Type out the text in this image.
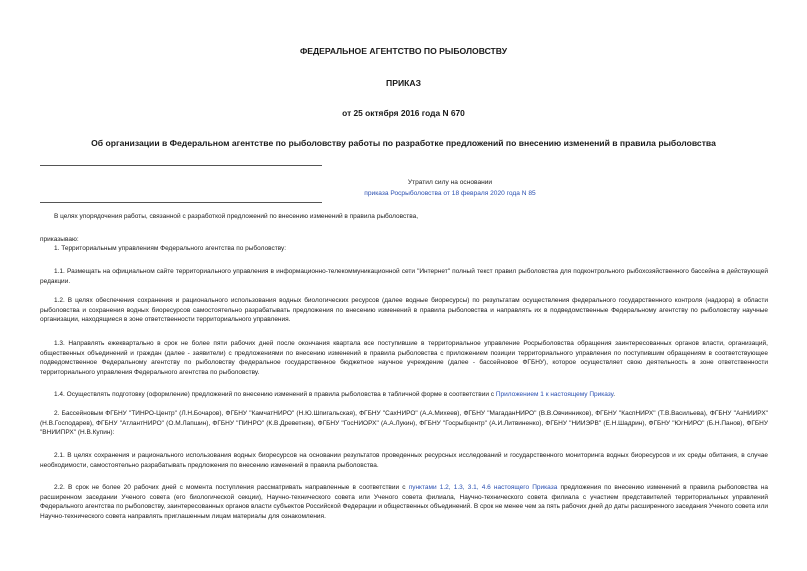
ФЕДЕРАЛЬНОЕ АГЕНТСТВО ПО РЫБОЛОВСТВУ
ПРИКАЗ
от 25 октября 2016 года N 670
Об организации в Федеральном агентстве по рыболовству работы по разработке предложений по внесению изменений в правила рыболовства
Утратил силу на основании
приказа Росрыболовства от 18 февраля 2020 года N 85
В целях упорядочения работы, связанной с разработкой предложений по внесению изменений в правила рыболовства,
приказываю:
1. Территориальным управлениям Федерального агентства по рыболовству:
1.1. Размещать на официальном сайте территориального управления в информационно-телекоммуникационной сети "Интернет" полный текст правил рыболовства для подконтрольного рыбохозяйственного бассейна в действующей редакции.
1.2. В целях обеспечения сохранения и рационального использования водных биологических ресурсов (далее водные биоресурсы) по результатам осуществления федерального государственного контроля (надзора) в области рыболовства и сохранения водных биоресурсов самостоятельно разрабатывать предложения по внесению изменений в правила рыболовства и направлять их в подведомственные Федеральному агентству по рыболовству научные организации, находящиеся в зоне ответственности территориального управления.
1.3. Направлять ежеквартально в срок не более пяти рабочих дней после окончания квартала все поступившие в территориальное управление Росрыболовства обращения заинтересованных органов власти, организаций, общественных объединений и граждан (далее - заявители) с предложениями по внесению изменений в правила рыболовства с приложением позиции территориального управления по поступившим обращениям в соответствующее подведомственное Федеральному агентству по рыболовству федеральное государственное бюджетное научное учреждение (далее - бассейновое ФГБНУ), которое осуществляет свою деятельность в зоне ответственности территориального управления Федерального агентства по рыболовству.
1.4. Осуществлять подготовку (оформление) предложений по внесению изменений в правила рыболовства в табличной форме в соответствии с Приложением 1 к настоящему Приказу.
2. Бассейновым ФГБНУ "ТИНРО-Центр" (Л.Н.Бочаров), ФГБНУ "КамчатНИРО" (Н.Ю.Шпигальская), ФГБНУ "СахНИРО" (А.А.Михеев), ФГБНУ "МагаданНИРО" (В.В.Овчинников), ФГБНУ "КаспНИРХ" (Т.В.Васильева), ФГБНУ "АзНИИРХ" (Н.В.Господарев), ФГБНУ "АтлантНИРО" (О.М.Лапшин), ФГБНУ "ПИНРО" (К.В.Древетняк), ФГБНУ "ГосНИОРХ" (А.А.Лукин), ФГБНУ "Госрыбцентр" (А.И.Литвиненко), ФГБНУ "НИИЭРВ" (Е.Н.Шадрин), ФГБНУ "ЮгНИРО" (Б.Н.Панов), ФГБНУ "ВНИИПРХ" (Н.В.Купин):
2.1. В целях сохранения и рационального использования водных биоресурсов на основании результатов проведенных ресурсных исследований и государственного мониторинга водных биоресурсов и их среды обитания, в случае необходимости, самостоятельно разрабатывать предложения по внесению изменений в правила рыболовства.
2.2. В срок не более 20 рабочих дней с момента поступления рассматривать направленные в соответствии с пунктами 1.2, 1.3, 3.1, 4.6 настоящего Приказа предложения по внесению изменений в правила рыболовства на расширенном заседании Ученого совета (его биологической секции), Научно-технического совета или Ученого совета филиала, Научно-технического совета филиала с участием представителей территориальных управлений Федерального агентства по рыболовству, заинтересованных органов власти субъектов Российской Федерации и общественных объединений. В срок не менее чем за пять рабочих дней до даты расширенного заседания Ученого совета или Научно-технического совета направлять приглашенным лицам материалы для ознакомления.
